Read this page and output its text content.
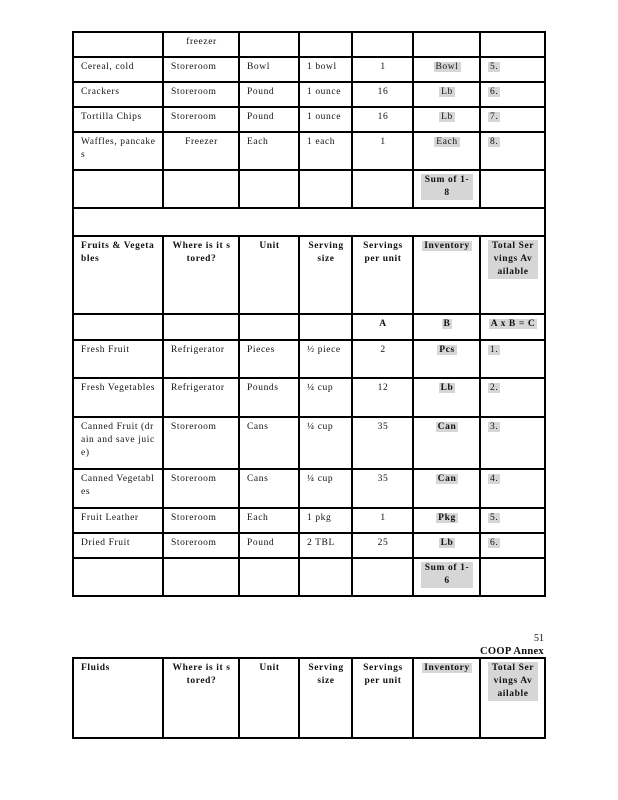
	freezer					
Cereal, cold	Storeroom	Bowl	1 bowl	1	Bowl	5.
Crackers	Storeroom	Pound	1 ounce	16	Lb	6.
Tortilla Chips	Storeroom	Pound	1 ounce	16	Lb	7.
Waffles, pancakes	Freezer	Each	1 each	1	Each	8.
					Sum of 1-8	

Fruits & Vegetables	Where is it stored?	Unit	Serving size	Servings per unit	Inventory	Total Servings Available
				A	B	A x B = C
Fresh Fruit	Refrigerator	Pieces	½ piece	2	Pcs	1.
Fresh Vegetables	Refrigerator	Pounds	¼ cup	12	Lb	2.
Canned Fruit (drain and save juice)	Storeroom	Cans	¼ cup	35	Can	3.
Canned Vegetables	Storeroom	Cans	¼ cup	35	Can	4.
Fruit Leather	Storeroom	Each	1 pkg	1	Pkg	5.
Dried Fruit	Storeroom	Pound	2 TBL	25	Lb	6.
					Sum of 1-6	
51
COOP Annex
Fluids	Where is it stored?	Unit	Serving size	Servings per unit	Inventory	Total Servings Available
